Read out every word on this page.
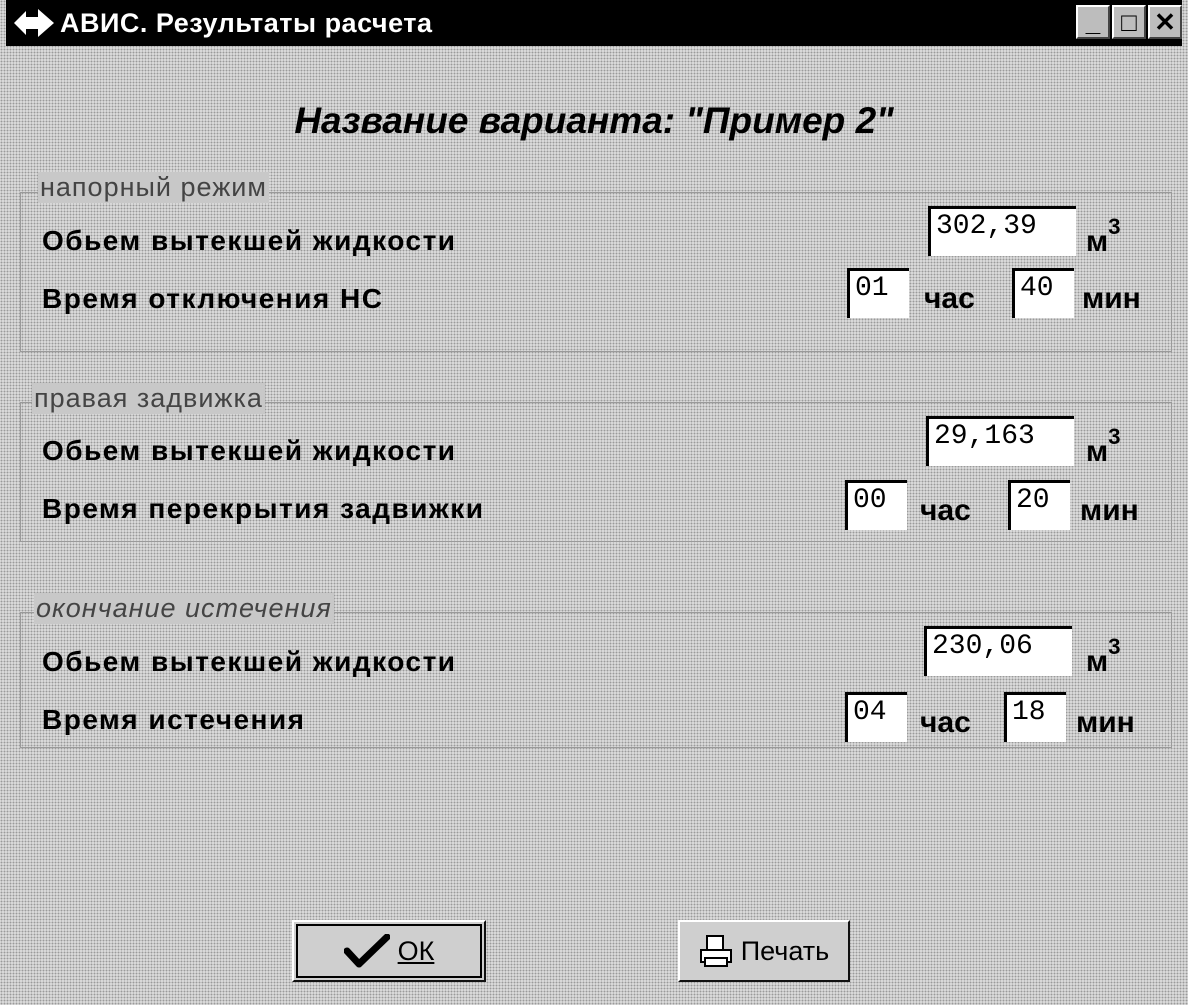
АВИС. Результаты расчета	_ □ ✕
Название варианта: "Пример 2"
напорный режим
Обьем вытекшей жидкости	302,39	$м^3$
Время отключения НС	01	час 40 мин
правая задвижка
Обьем вытекшей жидкости	29,163	$м^3$
Время перекрытия задвижки	00	час 20	мин
окончание истечения
Обьем вытекшей жидкости	230,06	$м^3$
Время истечения	04	час 18	мин
ОК	Печать
